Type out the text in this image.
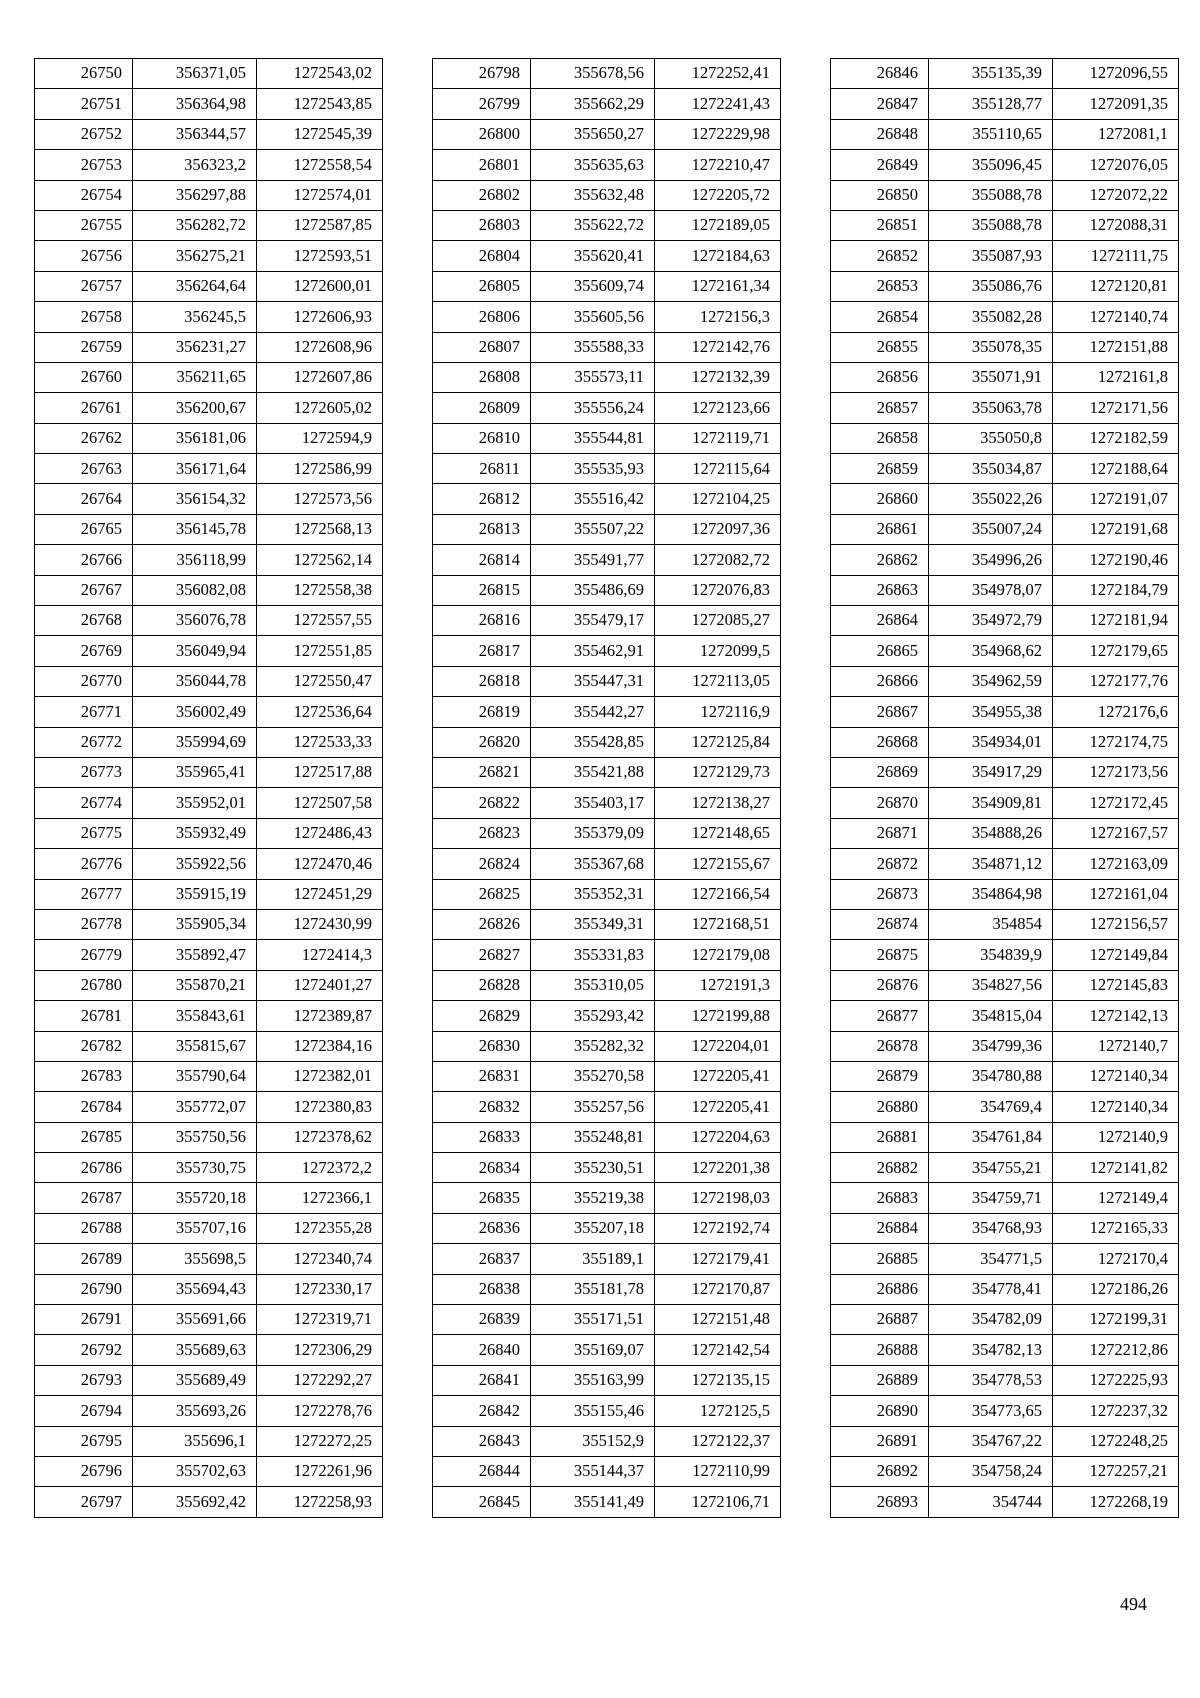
26750	356371,05	1272543,02
26751	356364,98	1272543,85
26752	356344,57	1272545,39
26753	356323,2	1272558,54
26754	356297,88	1272574,01
26755	356282,72	1272587,85
26756	356275,21	1272593,51
26757	356264,64	1272600,01
26758	356245,5	1272606,93
26759	356231,27	1272608,96
26760	356211,65	1272607,86
26761	356200,67	1272605,02
26762	356181,06	1272594,9
26763	356171,64	1272586,99
26764	356154,32	1272573,56
26765	356145,78	1272568,13
26766	356118,99	1272562,14
26767	356082,08	1272558,38
26768	356076,78	1272557,55
26769	356049,94	1272551,85
26770	356044,78	1272550,47
26771	356002,49	1272536,64
26772	355994,69	1272533,33
26773	355965,41	1272517,88
26774	355952,01	1272507,58
26775	355932,49	1272486,43
26776	355922,56	1272470,46
26777	355915,19	1272451,29
26778	355905,34	1272430,99
26779	355892,47	1272414,3
26780	355870,21	1272401,27
26781	355843,61	1272389,87
26782	355815,67	1272384,16
26783	355790,64	1272382,01
26784	355772,07	1272380,83
26785	355750,56	1272378,62
26786	355730,75	1272372,2
26787	355720,18	1272366,1
26788	355707,16	1272355,28
26789	355698,5	1272340,74
26790	355694,43	1272330,17
26791	355691,66	1272319,71
26792	355689,63	1272306,29
26793	355689,49	1272292,27
26794	355693,26	1272278,76
26795	355696,1	1272272,25
26796	355702,63	1272261,96
26797	355692,42	1272258,93
26798	355678,56	1272252,41
26799	355662,29	1272241,43
26800	355650,27	1272229,98
26801	355635,63	1272210,47
26802	355632,48	1272205,72
26803	355622,72	1272189,05
26804	355620,41	1272184,63
26805	355609,74	1272161,34
26806	355605,56	1272156,3
26807	355588,33	1272142,76
26808	355573,11	1272132,39
26809	355556,24	1272123,66
26810	355544,81	1272119,71
26811	355535,93	1272115,64
26812	355516,42	1272104,25
26813	355507,22	1272097,36
26814	355491,77	1272082,72
26815	355486,69	1272076,83
26816	355479,17	1272085,27
26817	355462,91	1272099,5
26818	355447,31	1272113,05
26819	355442,27	1272116,9
26820	355428,85	1272125,84
26821	355421,88	1272129,73
26822	355403,17	1272138,27
26823	355379,09	1272148,65
26824	355367,68	1272155,67
26825	355352,31	1272166,54
26826	355349,31	1272168,51
26827	355331,83	1272179,08
26828	355310,05	1272191,3
26829	355293,42	1272199,88
26830	355282,32	1272204,01
26831	355270,58	1272205,41
26832	355257,56	1272205,41
26833	355248,81	1272204,63
26834	355230,51	1272201,38
26835	355219,38	1272198,03
26836	355207,18	1272192,74
26837	355189,1	1272179,41
26838	355181,78	1272170,87
26839	355171,51	1272151,48
26840	355169,07	1272142,54
26841	355163,99	1272135,15
26842	355155,46	1272125,5
26843	355152,9	1272122,37
26844	355144,37	1272110,99
26845	355141,49	1272106,71
26846	355135,39	1272096,55
26847	355128,77	1272091,35
26848	355110,65	1272081,1
26849	355096,45	1272076,05
26850	355088,78	1272072,22
26851	355088,78	1272088,31
26852	355087,93	1272111,75
26853	355086,76	1272120,81
26854	355082,28	1272140,74
26855	355078,35	1272151,88
26856	355071,91	1272161,8
26857	355063,78	1272171,56
26858	355050,8	1272182,59
26859	355034,87	1272188,64
26860	355022,26	1272191,07
26861	355007,24	1272191,68
26862	354996,26	1272190,46
26863	354978,07	1272184,79
26864	354972,79	1272181,94
26865	354968,62	1272179,65
26866	354962,59	1272177,76
26867	354955,38	1272176,6
26868	354934,01	1272174,75
26869	354917,29	1272173,56
26870	354909,81	1272172,45
26871	354888,26	1272167,57
26872	354871,12	1272163,09
26873	354864,98	1272161,04
26874	354854	1272156,57
26875	354839,9	1272149,84
26876	354827,56	1272145,83
26877	354815,04	1272142,13
26878	354799,36	1272140,7
26879	354780,88	1272140,34
26880	354769,4	1272140,34
26881	354761,84	1272140,9
26882	354755,21	1272141,82
26883	354759,71	1272149,4
26884	354768,93	1272165,33
26885	354771,5	1272170,4
26886	354778,41	1272186,26
26887	354782,09	1272199,31
26888	354782,13	1272212,86
26889	354778,53	1272225,93
26890	354773,65	1272237,32
26891	354767,22	1272248,25
26892	354758,24	1272257,21
26893	354744	1272268,19
494
